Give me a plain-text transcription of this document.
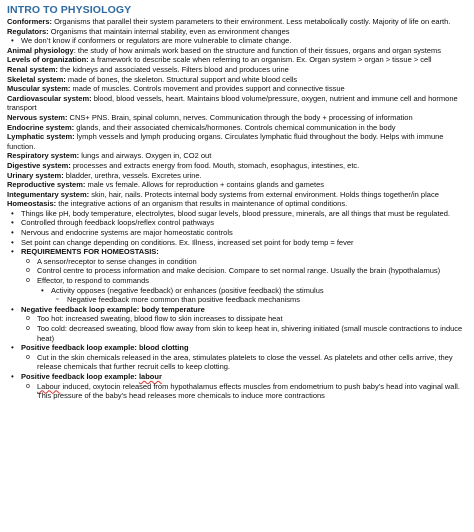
INTRO TO PHYSIOLOGY

Conformers: Organisms that parallel their system parameters to their environment. Less metabolically costly. Majority of life on earth.

Regulators: Organisms that maintain internal stability, even as environment changes

• We don’t know if conformers or regulators are more vulnerable to climate change.

Animal physiology: the study of how animals work based on the structure and function of their tissues, organs and organ systems

Levels of organization: a framework to describe scale when referring to an organism. Ex. Organ system > organ > tissue > cell

Renal system: the kidneys and associated vessels. Filters blood and produces urine

Skeletal system: made of bones, the skeleton. Structural support and white blood cells

Muscular system: made of muscles. Controls movement and provides support and connective tissue

Cardiovascular system: blood, blood vessels, heart. Maintains blood volume/pressure, oxygen, nutrient and immune cell and hormone transport

Nervous system: CNS+ PNS. Brain, spinal column, nerves. Communication through the body + processing of information

Endocrine system: glands, and their associated chemicals/hormones. Controls chemical communication in the body

Lymphatic system: lymph vessels and lymph producing organs. Circulates lymphatic fluid throughout the body. Helps with immune function.

Respiratory system: lungs and airways. Oxygen in, CO2 out

Digestive system: processes and extracts energy from food. Mouth, stomach, esophagus, intestines, etc.

Urinary system: bladder, urethra, vessels. Excretes urine.

Reproductive system: male vs female. Allows for reproduction + contains glands and gametes

Integumentary system: skin, hair, nails. Protects internal body systems from external environment. Holds things together/in place

Homeostasis: the integrative actions of an organism that results in maintenance of optimal conditions.

• Things like pH, body temperature, electrolytes, blood sugar levels, blood pressure, minerals, are all things that must be regulated.
• Controlled through feedback loops/reflex control pathways
• Nervous and endocrine systems are major homeostatic controls
• Set point can change depending on conditions. Ex. Illness, increased set point for body temp = fever
• REQUIREMENTS FOR HOMEOSTASIS:
o A sensor/receptor to sense changes in condition
o Control centre to process information and make decision. Compare to set normal range. Usually the brain (hypothalamus)
o Effector, to respond to commands
• Activity opposes (negative feedback) or enhances (positive feedback) the stimulus
▫ Negative feedback more common than positive feedback mechanisms
• Negative feedback loop example: body temperature
o Too hot: increased sweating, blood flow to skin increases to dissipate heat
o Too cold: decreased sweating, blood flow away from skin to keep heat in, shivering initiated (small muscle contractions to induce heat)
• Positive feedback loop example: blood clotting
o Cut in the skin chemicals released in the area, stimulates platelets to close the vessel. As platelets and other cells arrive, they release chemicals that further recruit cells to keep clotting.
• Positive feedback loop example: labour
o Labour induced, oxytocin released from hypothalamus effects muscles from endometrium to push baby’s head into vaginal wall. This pressure of the baby’s head releases more chemicals to induce more contractions
